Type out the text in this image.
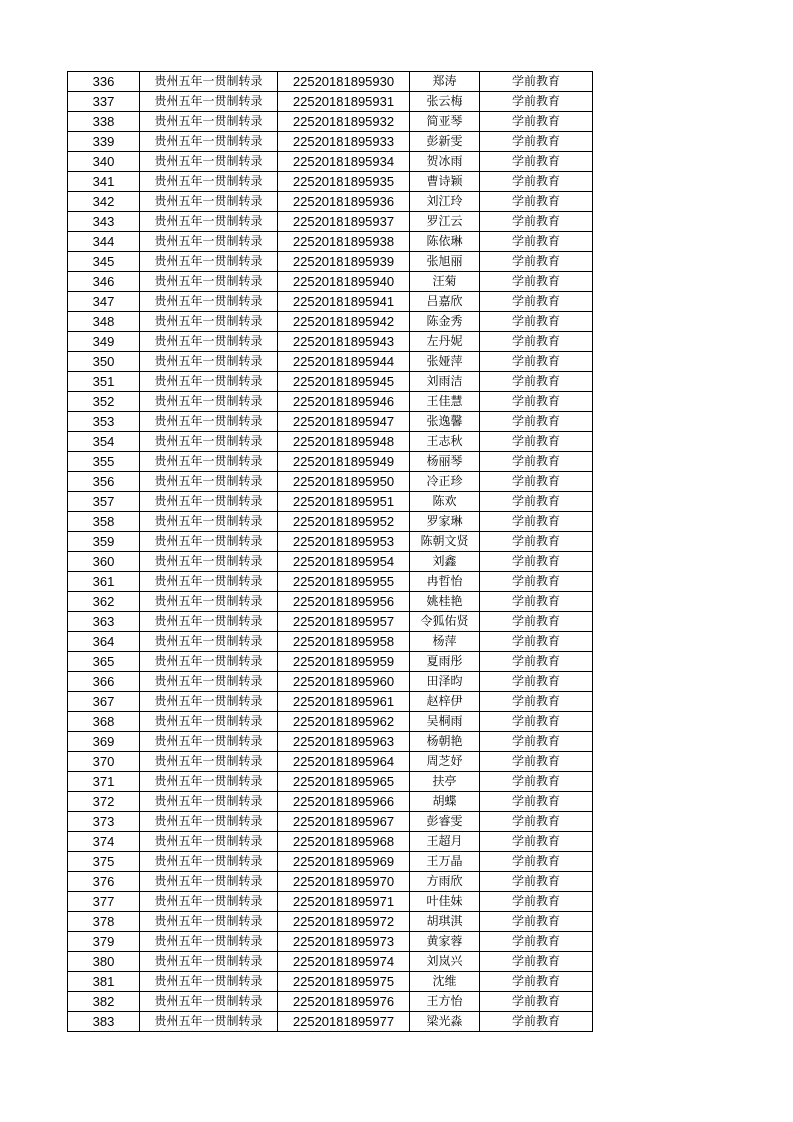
336	贵州五年一贯制转录	22520181895930	郑涛	学前教育
337	贵州五年一贯制转录	22520181895931	张云梅	学前教育
338	贵州五年一贯制转录	22520181895932	简亚琴	学前教育
339	贵州五年一贯制转录	22520181895933	彭新雯	学前教育
340	贵州五年一贯制转录	22520181895934	贺冰雨	学前教育
341	贵州五年一贯制转录	22520181895935	曹诗颖	学前教育
342	贵州五年一贯制转录	22520181895936	刘江玲	学前教育
343	贵州五年一贯制转录	22520181895937	罗江云	学前教育
344	贵州五年一贯制转录	22520181895938	陈依琳	学前教育
345	贵州五年一贯制转录	22520181895939	张旭丽	学前教育
346	贵州五年一贯制转录	22520181895940	汪菊	学前教育
347	贵州五年一贯制转录	22520181895941	吕嘉欣	学前教育
348	贵州五年一贯制转录	22520181895942	陈金秀	学前教育
349	贵州五年一贯制转录	22520181895943	左丹妮	学前教育
350	贵州五年一贯制转录	22520181895944	张娅萍	学前教育
351	贵州五年一贯制转录	22520181895945	刘雨洁	学前教育
352	贵州五年一贯制转录	22520181895946	王佳慧	学前教育
353	贵州五年一贯制转录	22520181895947	张逸馨	学前教育
354	贵州五年一贯制转录	22520181895948	王志秋	学前教育
355	贵州五年一贯制转录	22520181895949	杨丽琴	学前教育
356	贵州五年一贯制转录	22520181895950	冷正珍	学前教育
357	贵州五年一贯制转录	22520181895951	陈欢	学前教育
358	贵州五年一贯制转录	22520181895952	罗家琳	学前教育
359	贵州五年一贯制转录	22520181895953	陈朝文贤	学前教育
360	贵州五年一贯制转录	22520181895954	刘鑫	学前教育
361	贵州五年一贯制转录	22520181895955	冉哲怡	学前教育
362	贵州五年一贯制转录	22520181895956	姚桂艳	学前教育
363	贵州五年一贯制转录	22520181895957	令狐佑贤	学前教育
364	贵州五年一贯制转录	22520181895958	杨萍	学前教育
365	贵州五年一贯制转录	22520181895959	夏雨彤	学前教育
366	贵州五年一贯制转录	22520181895960	田泽昀	学前教育
367	贵州五年一贯制转录	22520181895961	赵梓伊	学前教育
368	贵州五年一贯制转录	22520181895962	吴桐雨	学前教育
369	贵州五年一贯制转录	22520181895963	杨朝艳	学前教育
370	贵州五年一贯制转录	22520181895964	周芝妤	学前教育
371	贵州五年一贯制转录	22520181895965	扶亭	学前教育
372	贵州五年一贯制转录	22520181895966	胡蝶	学前教育
373	贵州五年一贯制转录	22520181895967	彭睿雯	学前教育
374	贵州五年一贯制转录	22520181895968	王超月	学前教育
375	贵州五年一贯制转录	22520181895969	王万晶	学前教育
376	贵州五年一贯制转录	22520181895970	方雨欣	学前教育
377	贵州五年一贯制转录	22520181895971	叶佳妹	学前教育
378	贵州五年一贯制转录	22520181895972	胡琪淇	学前教育
379	贵州五年一贯制转录	22520181895973	黄家蓉	学前教育
380	贵州五年一贯制转录	22520181895974	刘岚兴	学前教育
381	贵州五年一贯制转录	22520181895975	沈维	学前教育
382	贵州五年一贯制转录	22520181895976	王方怡	学前教育
383	贵州五年一贯制转录	22520181895977	梁光淼	学前教育
